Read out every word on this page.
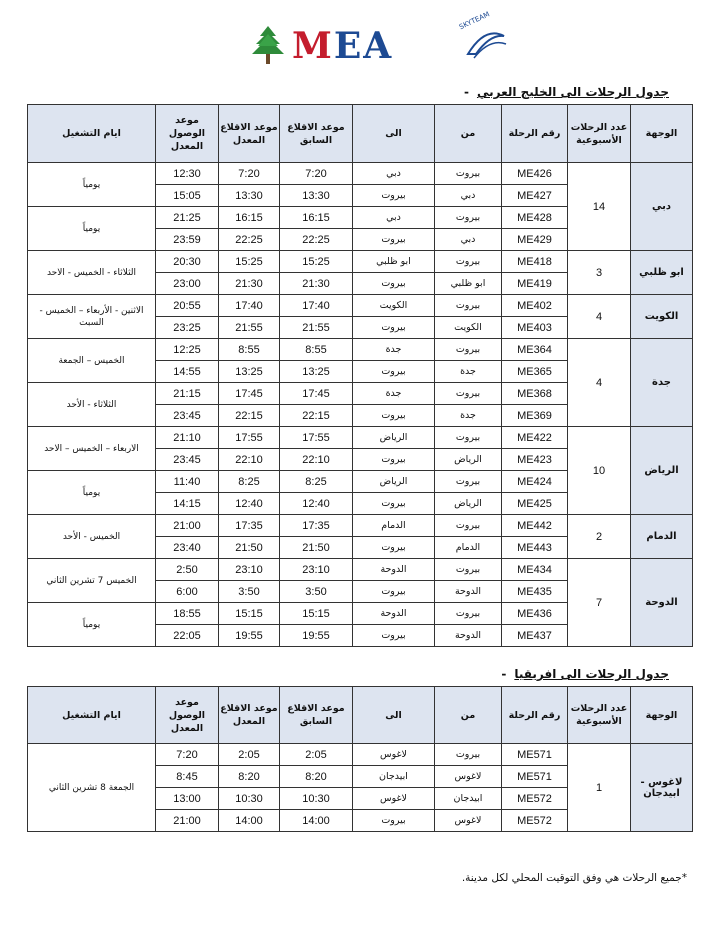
MEA
SKYTEAM
جدول الرحلات الى الخليج العربي-
الوجهة	عدد الرحلات الأسبوعية	رقم الرحلة	من	الى	موعد الاقلاع السابق	موعد الاقلاع المعدل	موعد الوصول المعدل	ايام التشغيل
دبي	14	ME426	بيروت	دبي	7:20	7:20	12:30	يومياً
		ME427	دبي	بيروت	13:30	13:30	15:05	
		ME428	بيروت	دبي	16:15	16:15	21:25	يومياً
		ME429	دبي	بيروت	22:25	22:25	23:59	
ابو ظلبي	3	ME418	بيروت	ابو ظلبي	15:25	15:25	20:30	الثلاثاء - الخميس - الاحد
		ME419	ابو ظلبي	بيروت	21:30	21:30	23:00	
الكويت	4	ME402	بيروت	الكويت	17:40	17:40	20:55	الاثنين - الأربعاء – الخميس - السبت
		ME403	الكويت	بيروت	21:55	21:55	23:25	
جدة	4	ME364	بيروت	جدة	8:55	8:55	12:25	الخميس – الجمعة
		ME365	جدة	بيروت	13:25	13:25	14:55	
		ME368	بيروت	جدة	17:45	17:45	21:15	الثلاثاء - الأحد
		ME369	جدة	بيروت	22:15	22:15	23:45	
الرياض	10	ME422	بيروت	الرياض	17:55	17:55	21:10	الاربعاء – الخميس – الاحد
		ME423	الرياض	بيروت	22:10	22:10	23:45	
		ME424	بيروت	الرياض	8:25	8:25	11:40	يومياً
		ME425	الرياض	بيروت	12:40	12:40	14:15	
الدمام	2	ME442	بيروت	الدمام	17:35	17:35	21:00	الخميس - الأحد
		ME443	الدمام	بيروت	21:50	21:50	23:40	
الدوحة	7	ME434	بيروت	الدوحة	23:10	23:10	2:50	الخميس 7 تشرين الثاني
		ME435	الدوحة	بيروت	3:50	3:50	6:00	
		ME436	بيروت	الدوحة	15:15	15:15	18:55	يومياً
		ME437	الدوحة	بيروت	19:55	19:55	22:05	
جدول الرحلات الى افريقيا-
الوجهة	عدد الرحلات الأسبوعية	رقم الرحلة	من	الى	موعد الاقلاع السابق	موعد الاقلاع المعدل	موعد الوصول المعدل	ايام التشغيل
لاغوس - ابيدجان	1	ME571	بيروت	لاغوس	2:05	2:05	7:20	الجمعة 8 تشرين الثاني
		ME571	لاغوس	ابيدجان	8:20	8:20	8:45	
		ME572	ابيدجان	لاغوس	10:30	10:30	13:00	
		ME572	لاغوس	بيروت	14:00	14:00	21:00	
*جميع الرحلات هي وفق التوقيت المحلي لكل مدينة.
